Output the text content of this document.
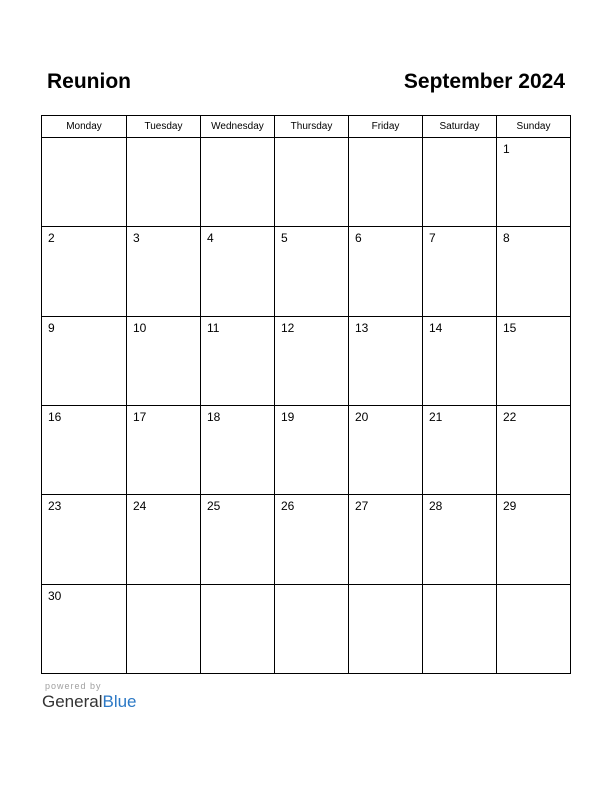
Reunion	September 2024
Monday	Tuesday	Wednesday	Thursday	Friday	Saturday	Sunday

						1

2	3	4	5	6	7	8

9	10	11	12	13	14	15

16	17	18	19	20	21	22

23	24	25	26	27	28	29

30						

powered by
GeneralBlue
